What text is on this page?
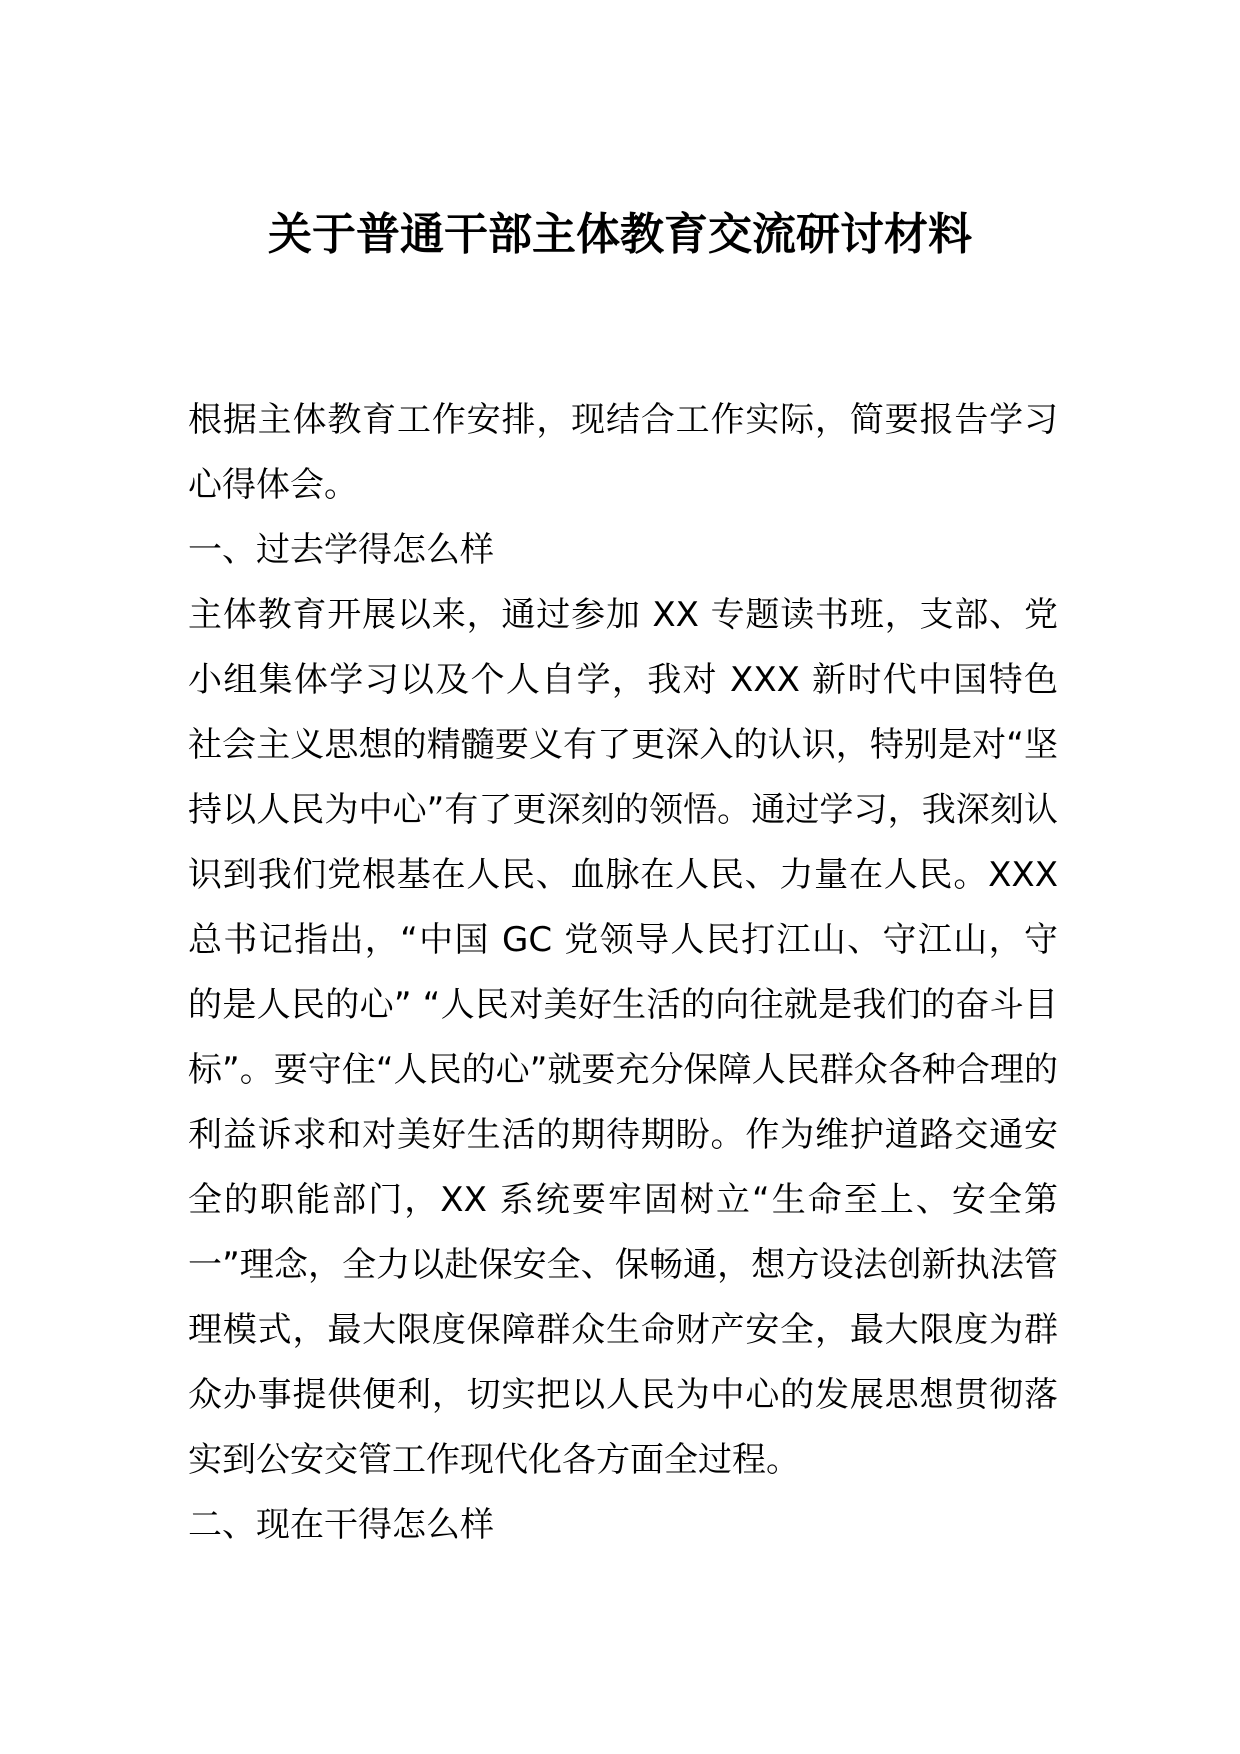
关于普通干部主体教育交流研讨材料

根据主体教育工作安排，现结合工作实际，简要报告学习心得体会。

一、过去学得怎么样

主体教育开展以来，通过参加 XX 专题读书班，支部、党小组集体学习以及个人自学，我对 XXX 新时代中国特色社会主义思想的精髓要义有了更深入的认识，特别是对“坚持以人民为中心”有了更深刻的领悟。通过学习，我深刻认识到我们党根基在人民、血脉在人民、力量在人民。XXX 总书记指出，“中国 GC 党领导人民打江山、守江山，守的是人民的心” “人民对美好生活的向往就是我们的奋斗目标”。要守住“人民的心”就要充分保障人民群众各种合理的利益诉求和对美好生活的期待期盼。作为维护道路交通安全的职能部门，XX 系统要牢固树立“生命至上、安全第一”理念，全力以赴保安全、保畅通，想方设法创新执法管理模式，最大限度保障群众生命财产安全，最大限度为群众办事提供便利，切实把以人民为中心的发展思想贯彻落实到公安交管工作现代化各方面全过程。

二、现在干得怎么样
